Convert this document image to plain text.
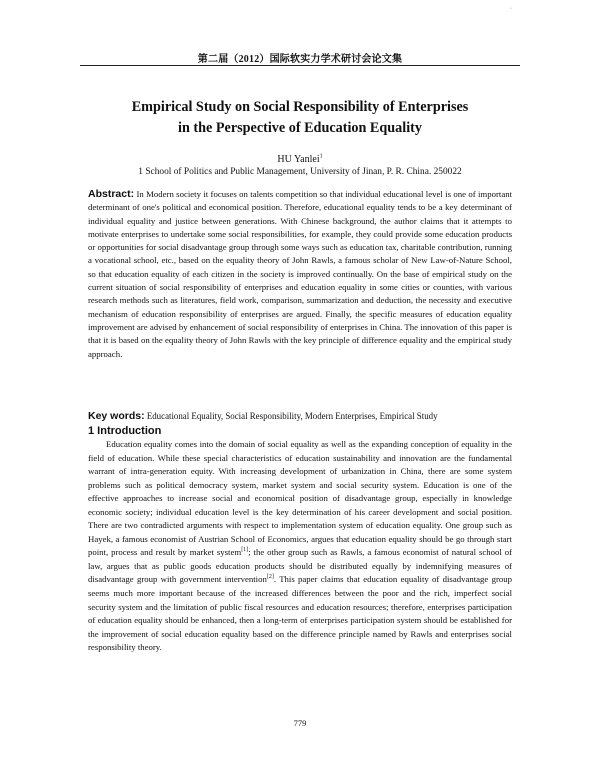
·
第二届（2012）国际软实力学术研讨会论文集
Empirical Study on Social Responsibility of Enterprises
in the Perspective of Education Equality
HU Yanlei$^1$
1 School of Politics and Public Management, University of Jinan, P. R. China. 250022
Abstract: In Modern society it focuses on talents competition so that individual educational level is one of important determinant of one's political and economical position. Therefore, educational equality tends to be a key determinant of individual equality and justice between generations. With Chinese background, the author claims that it attempts to motivate enterprises to undertake some social responsibilities, for example, they could provide some education products or opportunities for social disadvantage group through some ways such as education tax, charitable contribution, running a vocational school, etc., based on the equality theory of John Rawls, a famous scholar of New Law-of-Nature School, so that education equality of each citizen in the society is improved continually. On the base of empirical study on the current situation of social responsibility of enterprises and education equality in some cities or counties, with various research methods such as literatures, field work, comparison, summarization and deduction, the necessity and executive mechanism of education responsibility of enterprises are argued. Finally, the specific measures of education equality improvement are advised by enhancement of social responsibility of enterprises in China. The innovation of this paper is that it is based on the equality theory of John Rawls with the key principle of difference equality and the empirical study approach.
Key words: Educational Equality, Social Responsibility, Modern Enterprises, Empirical Study
1 Introduction
Education equality comes into the domain of social equality as well as the expanding conception of equality in the field of education. While these special characteristics of education sustainability and innovation are the fundamental warrant of intra-generation equity. With increasing development of urbanization in China, there are some system problems such as political democracy system, market system and social security system. Education is one of the effective approaches to increase social and economical position of disadvantage group, especially in knowledge economic society; individual education level is the key determination of his career development and social position. There are two contradicted arguments with respect to implementation system of education equality. One group such as Hayek, a famous economist of Austrian School of Economics, argues that education equality should be go through start point, process and result by market system[1]; the other group such as Rawls, a famous economist of natural school of law, argues that as public goods education products should be distributed equally by indemnifying measures of disadvantage group with government intervention[2]. This paper claims that education equality of disadvantage group seems much more important because of the increased differences between the poor and the rich, imperfect social security system and the limitation of public fiscal resources and education resources; therefore, enterprises participation of education equality should be enhanced, then a long-term of enterprises participation system should be established for the improvement of social education equality based on the difference principle named by Rawls and enterprises social responsibility theory.
779
